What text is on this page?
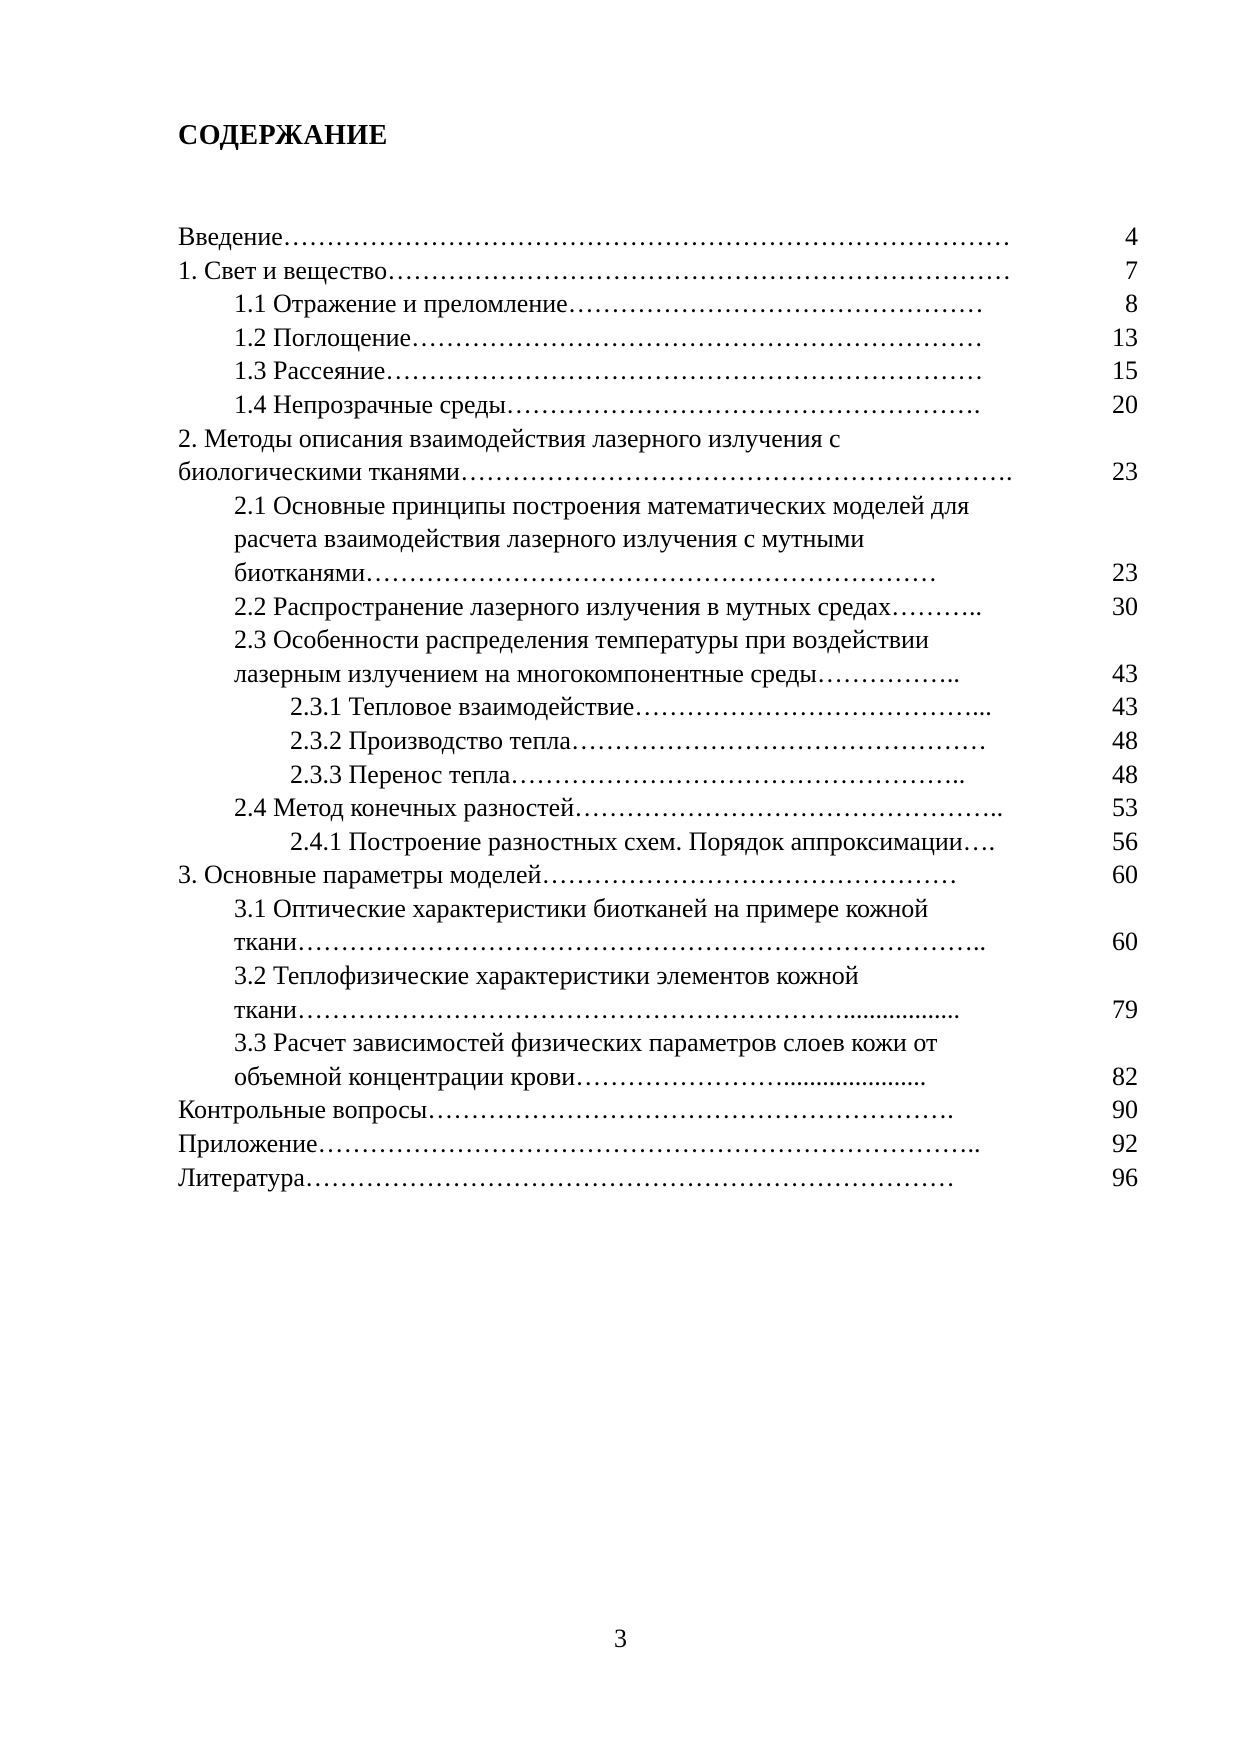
СОДЕРЖАНИЕ
Введение…………………………………………………………………………	4
1. Свет и вещество………………………………………………………………	7
1.1 Отражение и преломление…………………………………………	8
1.2 Поглощение…………………………………………………………	13
1.3 Рассеяние……………………………………………………………	15
1.4 Непрозрачные среды……………………………………………….	20
2. Методы описания взаимодействия лазерного излучения с
биологическими тканями……………………………………………………….	23
2.1 Основные принципы построения математических моделей для
расчета взаимодействия лазерного излучения с мутными
биотканями…………………………………………………………	23
2.2 Распространение лазерного излучения в мутных средах………..	30
2.3 Особенности распределения температуры при воздействии
лазерным излучением на многокомпонентные среды……………..	43
2.3.1 Тепловое взаимодействие…………………………………...	43
2.3.2 Производство тепла…………………………………………	48
2.3.3 Перенос тепла……………………………………………..	48
2.4 Метод конечных разностей…………………………………………..	53
2.4.1 Построение разностных схем. Порядок аппроксимации….	56
3. Основные параметры моделей…………………………………………	60
3.1 Оптические характеристики биотканей на примере кожной
ткани……………………………………………………………………..	60
3.2 Теплофизические характеристики элементов кожной
ткани………………………………………………………..................	79
3.3 Расчет зависимостей физических параметров слоев кожи от
объемной концентрации крови……………………......................	82
Контрольные вопросы…………………………………………………….	90
Приложение…………………………………………………………………..	92
Литература…………………………………………………………………	96
3
